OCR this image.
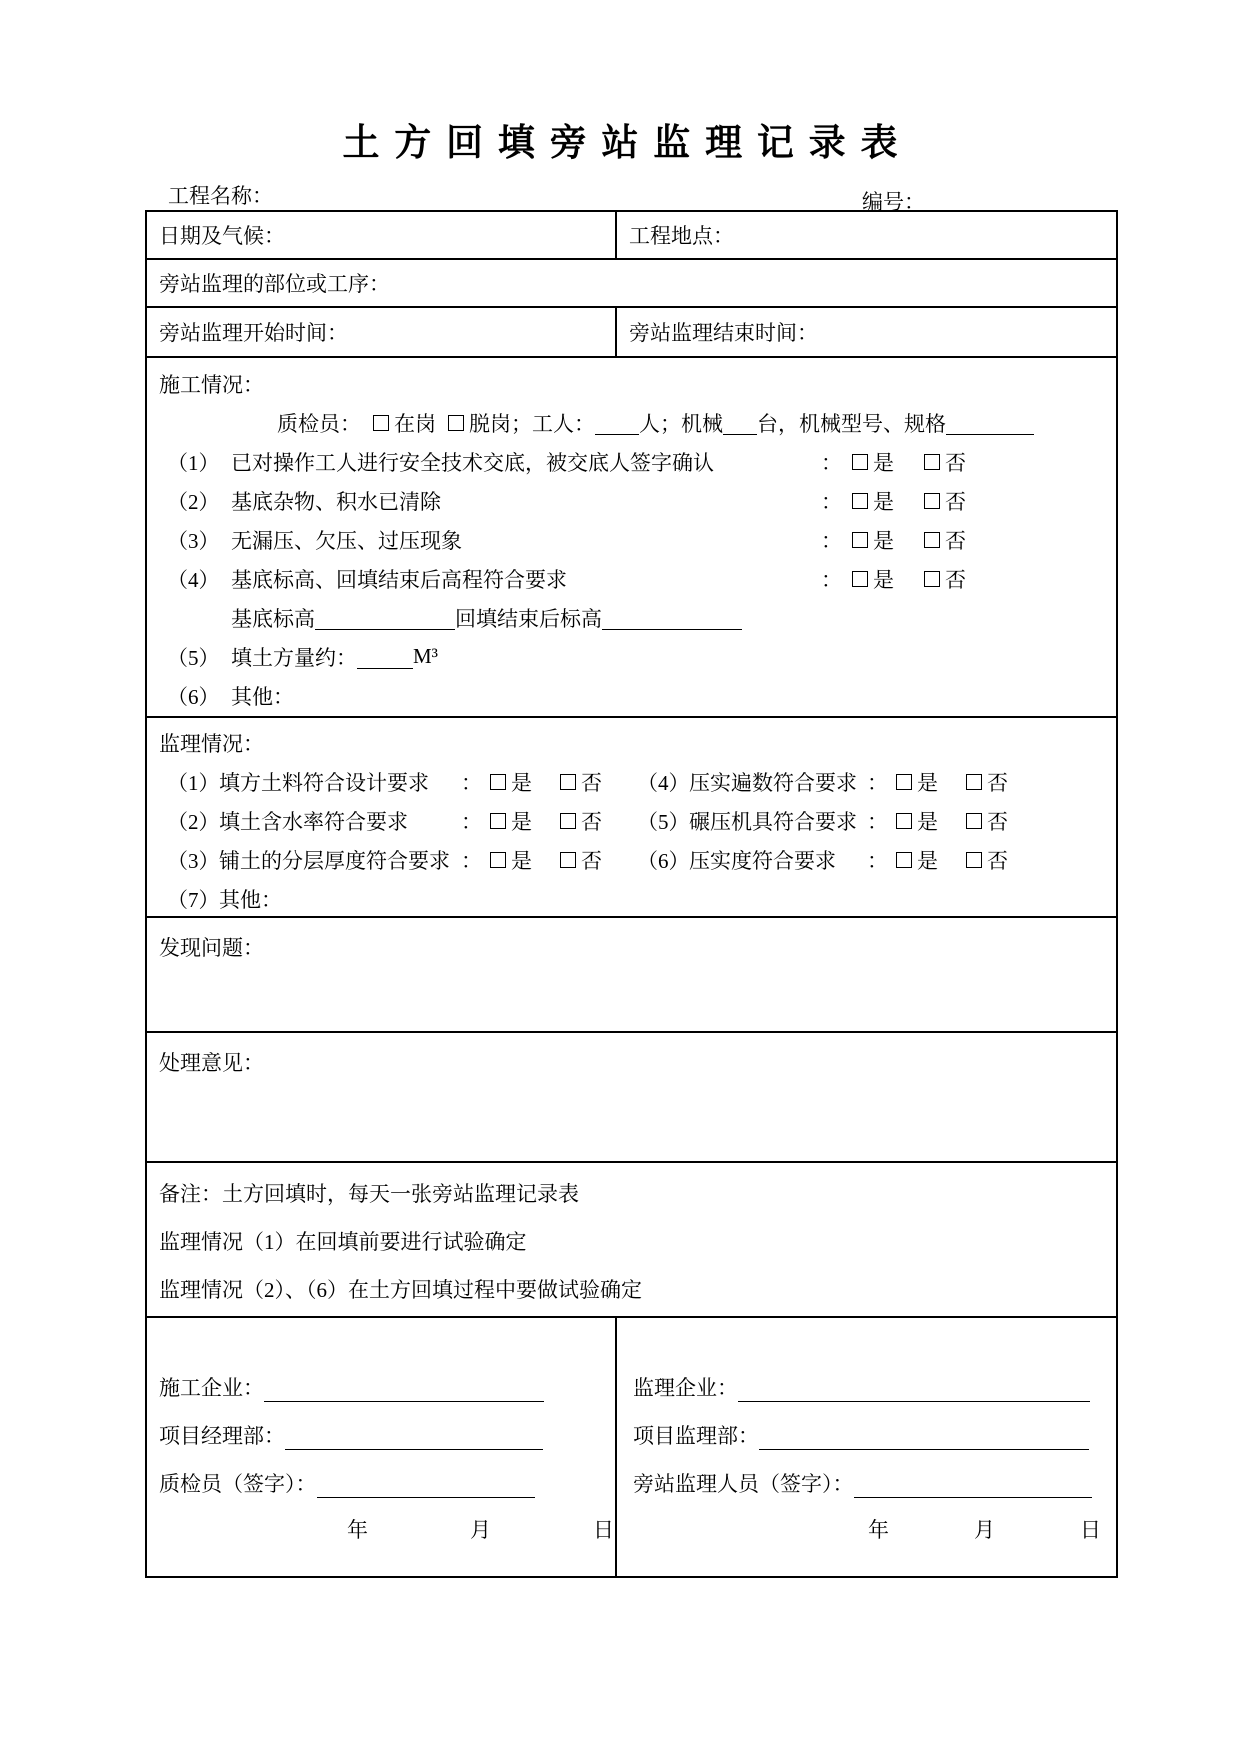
土方回填旁站监理记录表
工程名称：	编号：
日期及气候：	工程地点：
旁站监理的部位或工序：
旁站监理开始时间：	旁站监理结束时间：
施工情况：
质检员： 在岗 脱岗； 工人： 人；机械 台，机械型号、规格
（1） 已对操作工人进行安全技术交底，被交底人签字确认	： 是 否
（2） 基底杂物、积水已清除	： 是 否
（3） 无漏压、欠压、过压现象	： 是 否
（4） 基底标高、回填结束后高程符合要求	： 是 否
基底标高	回填结束后标高
（5） 填土方量约：	M³
（6） 其他：
监理情况：
（1） 填方土料符合设计要求	： 是 否 （4） 压实遍数符合要求 ： 是 否
（2） 填土含水率符合要求	： 是 否 （5） 碾压机具符合要求 ： 是 否
（3） 铺土的分层厚度符合要求 ： 是 否 （6） 压实度符合要求	： 是 否
（7） 其他：
发现问题：
处理意见：
备注：土方回填时，每天一张旁站监理记录表
监理情况（1）在回填前要进行试验确定
监理情况（2）、（6）在土方回填过程中要做试验确定
施工企业：
项目经理部：
质检员（签字）：
年	月	日
监理企业：
项目监理部：
旁站监理人员（签字）：
年	月	日
